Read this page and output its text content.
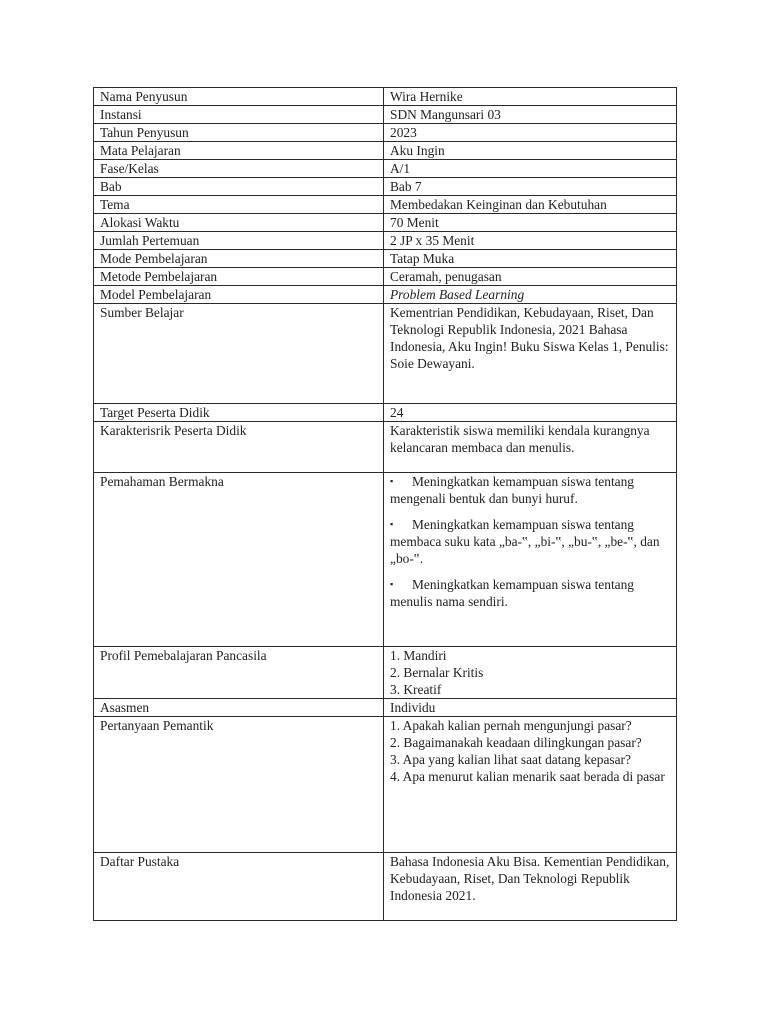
Nama Penyusun	Wira Hernike
Instansi	SDN Mangunsari 03
Tahun Penyusun	2023
Mata Pelajaran	Aku Ingin
Fase/Kelas	A/1
Bab	Bab 7
Tema	Membedakan Keinginan dan Kebutuhan
Alokasi Waktu	70 Menit
Jumlah Pertemuan	2 JP x 35 Menit
Mode Pembelajaran	Tatap Muka
Metode Pembelajaran	Ceramah, penugasan
Model Pembelajaran	Problem Based Learning
Sumber Belajar	Kementrian Pendidikan, Kebudayaan, Riset, Dan Teknologi Republik Indonesia, 2021 Bahasa Indonesia, Aku Ingin! Buku Siswa Kelas 1, Penulis: Soie Dewayani.
Target Peserta Didik	24
Karakterisrik Peserta Didik	Karakteristik siswa memiliki kendala kurangnya kelancaran membaca dan menulis.
Pemahaman Bermakna	▪ Meningkatkan kemampuan siswa tentang mengenali bentuk dan bunyi huruf.

▪ Meningkatkan kemampuan siswa tentang membaca suku kata „ba-‟, „bi-‟, „bu-‟, „be-‟, dan „bo-‟.

▪ Meningkatkan kemampuan siswa tentang menulis nama sendiri.

Profil Pemebalajaran Pancasila	1. Mandiri
2. Bernalar Kritis
3. Kreatif

Asasmen	Individu
Pertanyaan Pemantik	1. Apakah kalian pernah mengunjungi pasar?
2. Bagaimanakah keadaan dilingkungan pasar?
3. Apa yang kalian lihat saat datang kepasar?
4. Apa menurut kalian menarik saat berada di pasar

Daftar Pustaka	Bahasa Indonesia Aku Bisa. Kementian Pendidikan, Kebudayaan, Riset, Dan Teknologi Republik Indonesia 2021.
